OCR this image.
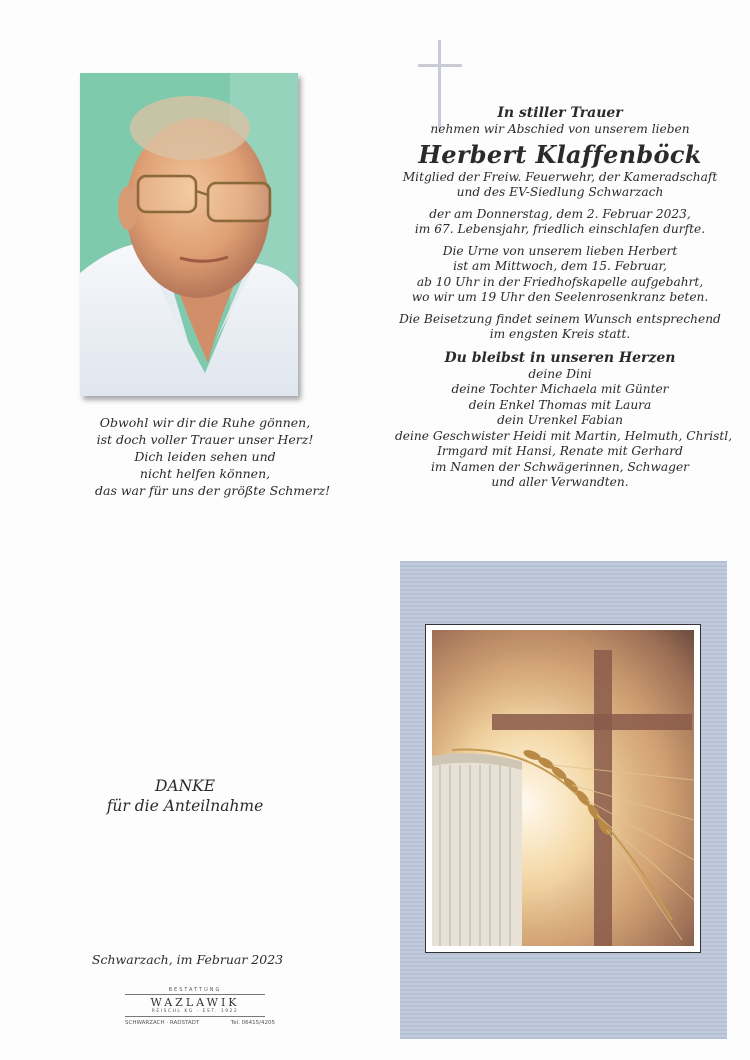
Obwohl wir dir die Ruhe gönnen,
ist doch voller Trauer unser Herz!
Dich leiden sehen und
nicht helfen können,
das war für uns der größte Schmerz!
In stiller Trauer
nehmen wir Abschied von unserem lieben
Herbert Klaffenböck
Mitglied der Freiw. Feuerwehr, der Kameradschaft
und des EV-Siedlung Schwarzach
der am Donnerstag, dem 2. Februar 2023,
im 67. Lebensjahr, friedlich einschlafen durfte.
Die Urne von unserem lieben Herbert
ist am Mittwoch, dem 15. Februar,
ab 10 Uhr in der Friedhofskapelle aufgebahrt,
wo wir um 19 Uhr den Seelenrosenkranz beten.
Die Beisetzung findet seinem Wunsch entsprechend
im engsten Kreis statt.
Du bleibst in unseren Herzen
deine Dini
deine Tochter Michaela mit Günter
dein Enkel Thomas mit Laura
dein Urenkel Fabian
deine Geschwister Heidi mit Martin, Helmuth, Christl,
Irmgard mit Hansi, Renate mit Gerhard
im Namen der Schwägerinnen, Schwager
und aller Verwandten.
DANKE
für die Anteilnahme
Schwarzach, im Februar 2023
BESTATTUNG
WAZLAWIK
REISCHL KG · EST. 1922
SCHWARZACH · RADSTADT	Tel. 06415/4205
